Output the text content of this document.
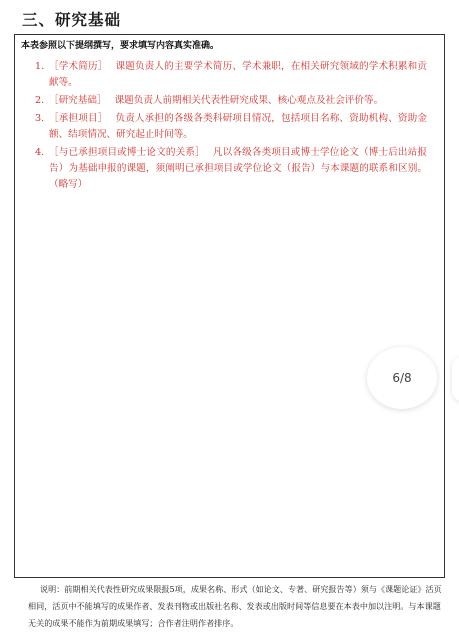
三、研究基础
本表参照以下提纲撰写，要求填写内容真实准确。
1. ［学术简历］ 课题负责人的主要学术简历、学术兼职，在相关研究领域的学术积累和贡献等。
2. ［研究基础］ 课题负责人前期相关代表性研究成果、核心观点及社会评价等。
3. ［承担项目］ 负责人承担的各级各类科研项目情况，包括项目名称、资助机构、资助金额、结项情况、研究起止时间等。
4. ［与已承担项目或博士论文的关系］ 凡以各级各类项目或博士学位论文（博士后出站报告）为基础申报的课题，须阐明已承担项目或学位论文（报告）与本课题的联系和区别。（略写）
6/8

说明：前期相关代表性研究成果限报5项，成果名称、形式（如论文、专著、研究报告等）须与《课题论证》活页相同，活页中不能填写的成果作者、发表刊物或出版社名称、发表或出版时间等信息要在本表中加以注明。与本课题无关的成果不能作为前期成果填写；合作者注明作者排序。
